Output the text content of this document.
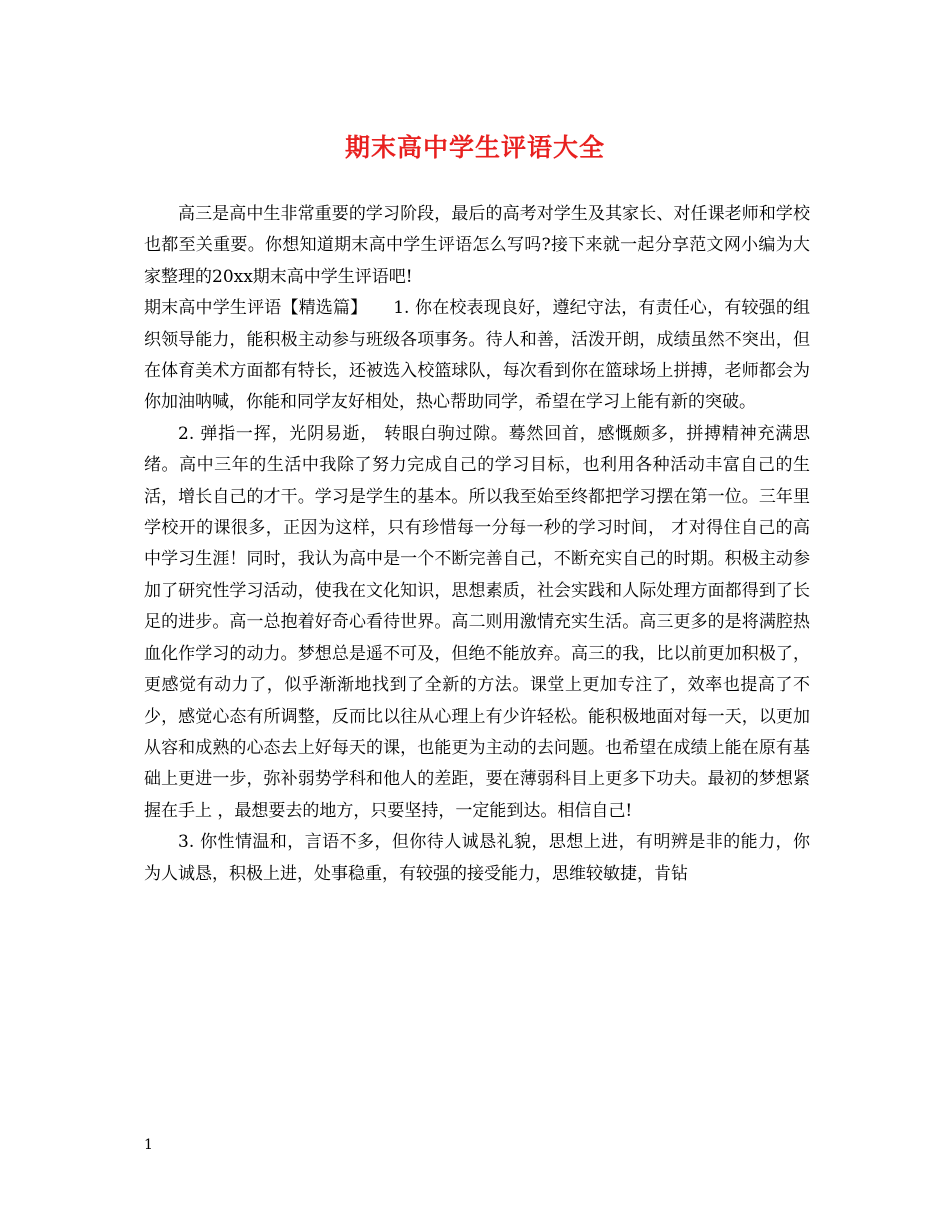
期末高中学生评语大全

高三是高中生非常重要的学习阶段，最后的高考对学生及其家长、对任课老师和学校也都至关重要。你想知道期末高中学生评语怎么写吗?接下来就一起分享范文网小编为大家整理的20xx期末高中学生评语吧!

期末高中学生评语【精选篇】　　1. 你在校表现良好，遵纪守法，有责任心，有较强的组织领导能力，能积极主动参与班级各项事务。待人和善，活泼开朗，成绩虽然不突出，但在体育美术方面都有特长，还被选入校篮球队，每次看到你在篮球场上拼搏，老师都会为你加油呐喊，你能和同学友好相处，热心帮助同学，希望在学习上能有新的突破。

2. 弹指一挥，光阴易逝， 转眼白驹过隙。蓦然回首，感慨颇多，拼搏精神充满思绪。高中三年的生活中我除了努力完成自己的学习目标，也利用各种活动丰富自己的生活，增长自己的才干。学习是学生的基本。所以我至始至终都把学习摆在第一位。三年里学校开的课很多，正因为这样，只有珍惜每一分每一秒的学习时间， 才对得住自己的高中学习生涯！同时，我认为高中是一个不断完善自己，不断充实自己的时期。积极主动参加了研究性学习活动，使我在文化知识，思想素质，社会实践和人际处理方面都得到了长足的进步。高一总抱着好奇心看待世界。高二则用激情充实生活。高三更多的是将满腔热血化作学习的动力。梦想总是遥不可及，但绝不能放弃。高三的我，比以前更加积极了，更感觉有动力了，似乎渐渐地找到了全新的方法。课堂上更加专注了，效率也提高了不少，感觉心态有所调整，反而比以往从心理上有少许轻松。能积极地面对每一天，以更加从容和成熟的心态去上好每天的课，也能更为主动的去问题。也希望在成绩上能在原有基础上更进一步，弥补弱势学科和他人的差距，要在薄弱科目上更多下功夫。最初的梦想紧握在手上 ，最想要去的地方，只要坚持，一定能到达。相信自己!

3. 你性情温和，言语不多，但你待人诚恳礼貌，思想上进，有明辨是非的能力，你为人诚恳，积极上进，处事稳重，有较强的接受能力，思维较敏捷，肯钻

1
